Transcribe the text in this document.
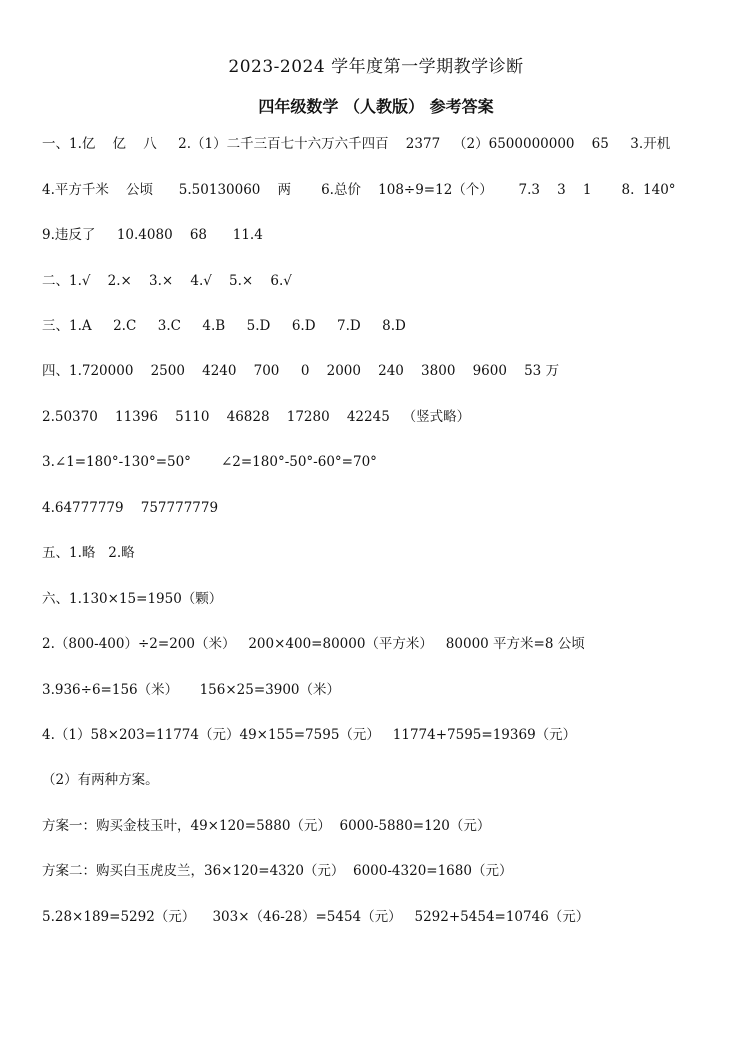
2023-2024 学年度第一学期教学诊断
四年级数学 （人教版） 参考答案
一、1.亿    亿    八     2.（1）二千三百七十六万六千四百    2377   （2）6500000000    65     3.开机
4.平方千米    公顷      5.50130060    两       6.总价    108÷9=12（个）      7.3    3    1       8.  140°
9.违反了     10.4080    68      11.4
二、1.√    2.×    3.×    4.√    5.×    6.√
三、1.A     2.C     3.C     4.B     5.D     6.D     7.D     8.D
四、1.720000    2500    4240    700     0    2000    240    3800    9600    53 万
2.50370    11396    5110    46828    17280    42245   （竖式略）
3.∠1=180°-130°=50°       ∠2=180°-50°-60°=70°
4.64777779    757777779
五、1.略   2.略
六、1.130×15=1950（颗）
2.（800-400）÷2=200（米）   200×400=80000（平方米）   80000 平方米=8 公顷
3.936÷6=156（米）     156×25=3900（米）
4.（1）58×203=11774（元）49×155=7595（元）   11774+7595=19369（元）
（2）有两种方案。
方案一：购买金枝玉叶，49×120=5880（元）  6000-5880=120（元）
方案二：购买白玉虎皮兰，36×120=4320（元）  6000-4320=1680（元）
5.28×189=5292（元）    303×（46-28）=5454（元）   5292+5454=10746（元）
